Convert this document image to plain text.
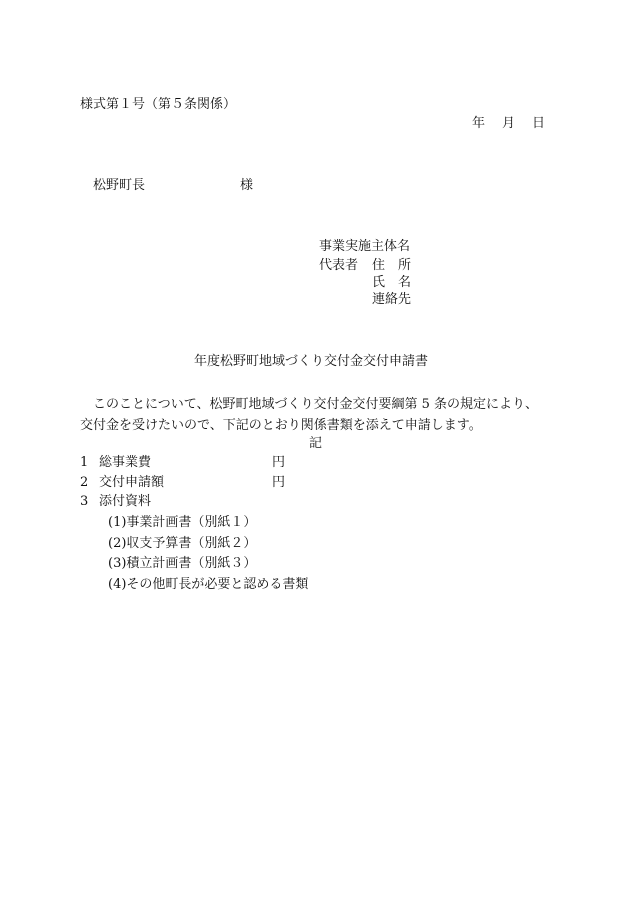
様式第１号（第５条関係）
年　月　日
松野町長	様
事業実施主体名
代表者 住　所
氏　名
連絡先
年度松野町地域づくり交付金交付申請書
このことについて、松野町地域づくり交付金交付要綱第 5 条の規定により、交付金を受けたいので、下記のとおり関係書類を添えて申請します。
記
1 総事業費	円
2 交付申請額	円
3 添付資料
(1)事業計画書（別紙１）
(2)収支予算書（別紙２）
(3)積立計画書（別紙３）
(4)その他町長が必要と認める書類
